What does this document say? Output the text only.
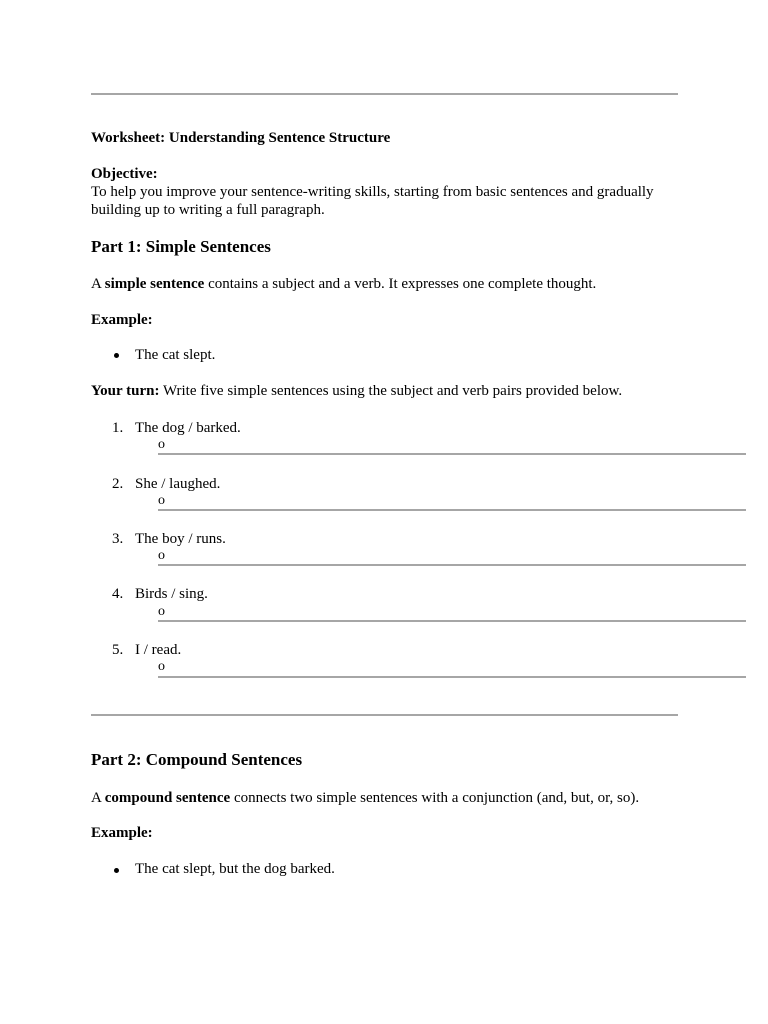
Worksheet: Understanding Sentence Structure
Objective:
To help you improve your sentence-writing skills, starting from basic sentences and gradually
building up to writing a full paragraph.
Part 1: Simple Sentences
A simple sentence contains a subject and a verb. It expresses one complete thought.
Example:
The cat slept.
Your turn: Write five simple sentences using the subject and verb pairs provided below.
1. The dog / barked.
o
2. She / laughed.
o
3. The boy / runs.
o
4. Birds / sing.
o
5. I / read.
o
Part 2: Compound Sentences
A compound sentence connects two simple sentences with a conjunction (and, but, or, so).
Example:
The cat slept, but the dog barked.
